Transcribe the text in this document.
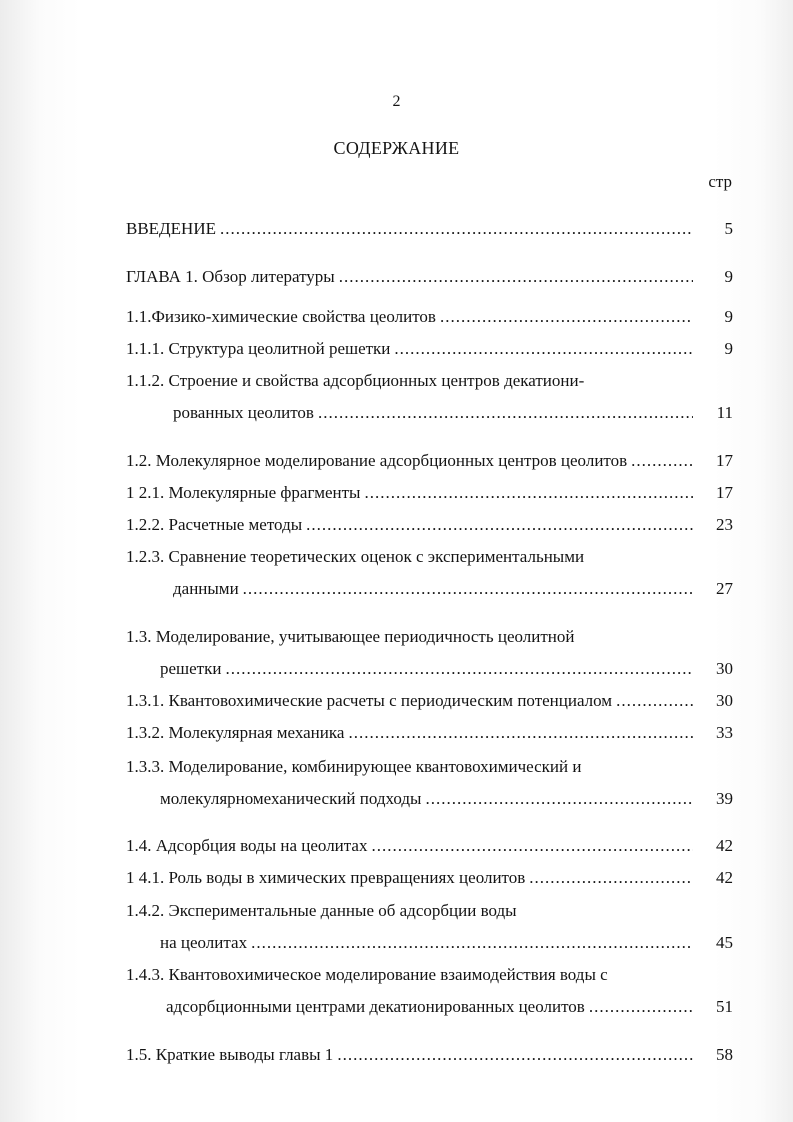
2
СОДЕРЖАНИЕ
стр
ВВЕДЕНИЕ .....	5
ГЛАВА 1. Обзор литературы .....	9
1.1.Физико-химические свойства цеолитов .....	9
1.1.1. Структура цеолитной решетки .....	9
1.1.2. Строение и свойства адсорбционных центров декатиони-
рованных цеолитов .....	11
1.2. Молекулярное моделирование адсорбционных центров цеолитов .....	17
1 2.1. Молекулярные фрагменты .....	17
1.2.2. Расчетные методы .....	23
1.2.3. Сравнение теоретических оценок с экспериментальными
данными .....	27
1.3. Моделирование, учитывающее периодичность цеолитной
решетки .....	30
1.3.1. Квантовохимические расчеты с периодическим потенциалом .....	30
1.3.2. Молекулярная механика .....	33
1.3.3. Моделирование, комбинирующее квантовохимический и
молекулярномеханический подходы .....	39
1.4. Адсорбция воды на цеолитах .....	42
1 4.1. Роль воды в химических превращениях цеолитов .....	42
1.4.2. Экспериментальные данные об адсорбции воды
на цеолитах .....	45
1.4.3. Квантовохимическое моделирование взаимодействия воды с
адсорбционными центрами декатионированных цеолитов .....	51
1.5. Краткие выводы главы 1 .....	58
